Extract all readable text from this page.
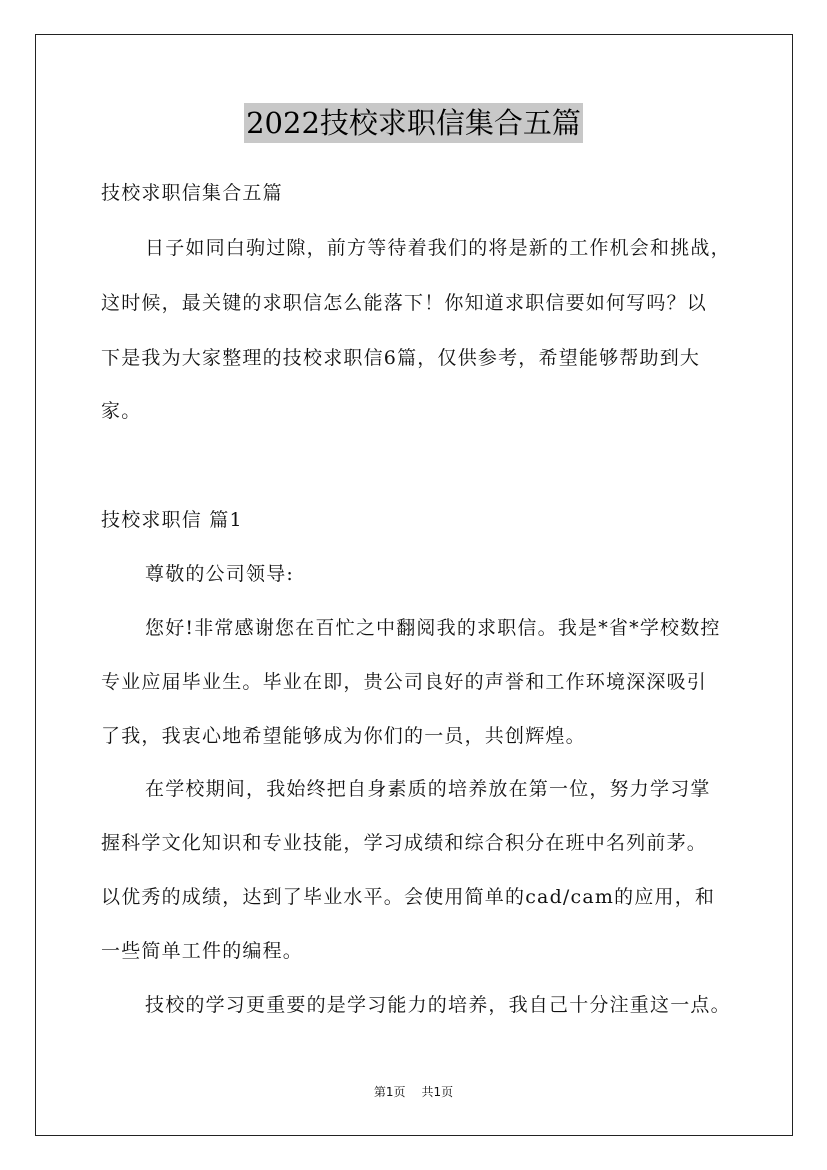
2022技校求职信集合五篇
技校求职信集合五篇
日子如同白驹过隙，前方等待着我们的将是新的工作机会和挑战，
这时候，最关键的求职信怎么能落下！你知道求职信要如何写吗？以
下是我为大家整理的技校求职信6篇，仅供参考，希望能够帮助到大
家。
技校求职信 篇1
尊敬的公司领导:
您好!非常感谢您在百忙之中翻阅我的求职信。我是*省*学校数控
专业应届毕业生。毕业在即，贵公司良好的声誉和工作环境深深吸引
了我，我衷心地希望能够成为你们的一员，共创辉煌。
在学校期间，我始终把自身素质的培养放在第一位，努力学习掌
握科学文化知识和专业技能，学习成绩和综合积分在班中名列前茅。
以优秀的成绩，达到了毕业水平。会使用简单的cad/cam的应用，和
一些简单工件的编程。
技校的学习更重要的是学习能力的培养，我自己十分注重这一点。
第1页 共1页
